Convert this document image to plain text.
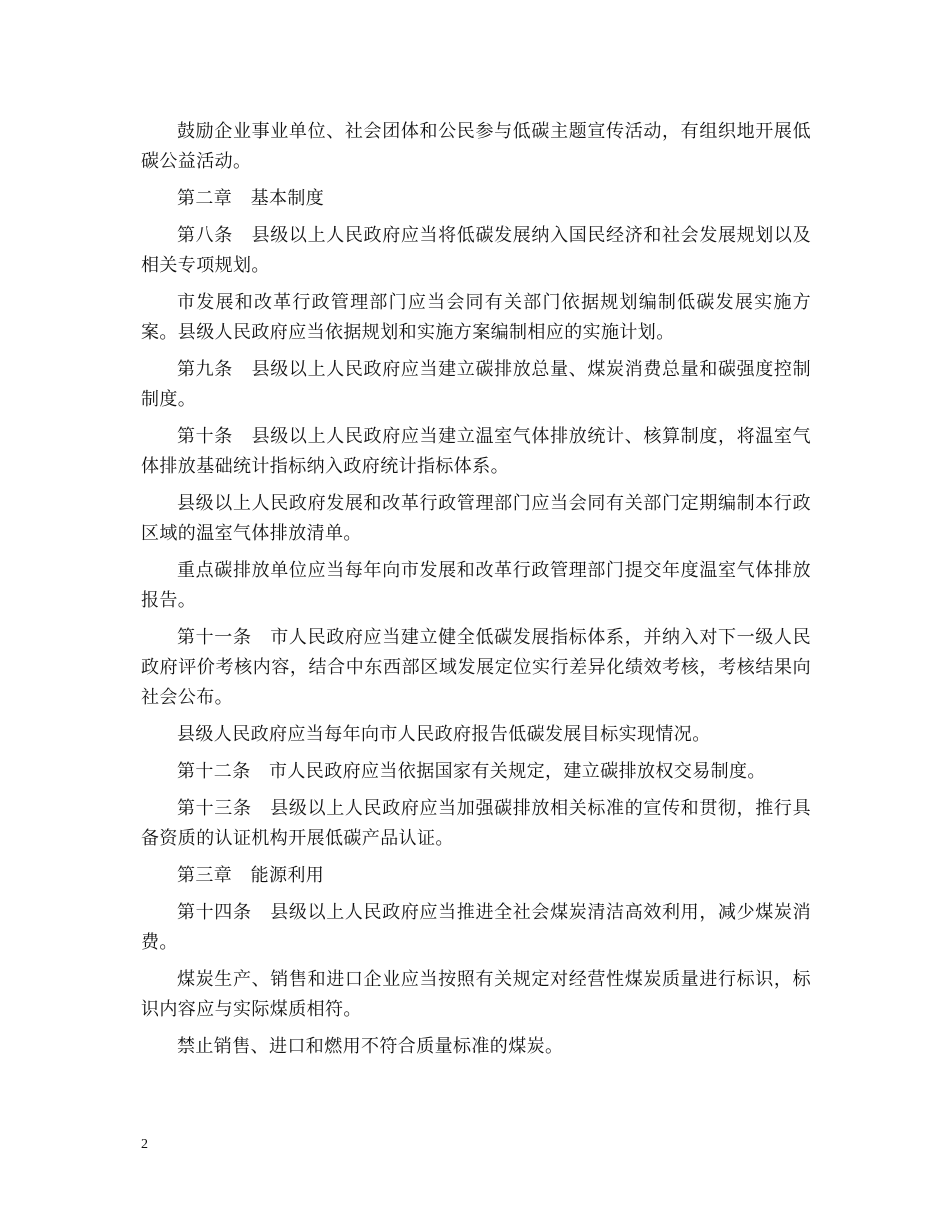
鼓励企业事业单位、社会团体和公民参与低碳主题宣传活动，有组织地开展低碳公益活动。

第二章　基本制度

第八条　县级以上人民政府应当将低碳发展纳入国民经济和社会发展规划以及相关专项规划。

市发展和改革行政管理部门应当会同有关部门依据规划编制低碳发展实施方案。县级人民政府应当依据规划和实施方案编制相应的实施计划。

第九条　县级以上人民政府应当建立碳排放总量、煤炭消费总量和碳强度控制制度。

第十条　县级以上人民政府应当建立温室气体排放统计、核算制度，将温室气体排放基础统计指标纳入政府统计指标体系。

县级以上人民政府发展和改革行政管理部门应当会同有关部门定期编制本行政区域的温室气体排放清单。

重点碳排放单位应当每年向市发展和改革行政管理部门提交年度温室气体排放报告。

第十一条　市人民政府应当建立健全低碳发展指标体系，并纳入对下一级人民政府评价考核内容，结合中东西部区域发展定位实行差异化绩效考核，考核结果向社会公布。

县级人民政府应当每年向市人民政府报告低碳发展目标实现情况。

第十二条　市人民政府应当依据国家有关规定，建立碳排放权交易制度。

第十三条　县级以上人民政府应当加强碳排放相关标准的宣传和贯彻，推行具备资质的认证机构开展低碳产品认证。

第三章　能源利用

第十四条　县级以上人民政府应当推进全社会煤炭清洁高效利用，减少煤炭消费。

煤炭生产、销售和进口企业应当按照有关规定对经营性煤炭质量进行标识，标识内容应与实际煤质相符。

禁止销售、进口和燃用不符合质量标准的煤炭。

2
